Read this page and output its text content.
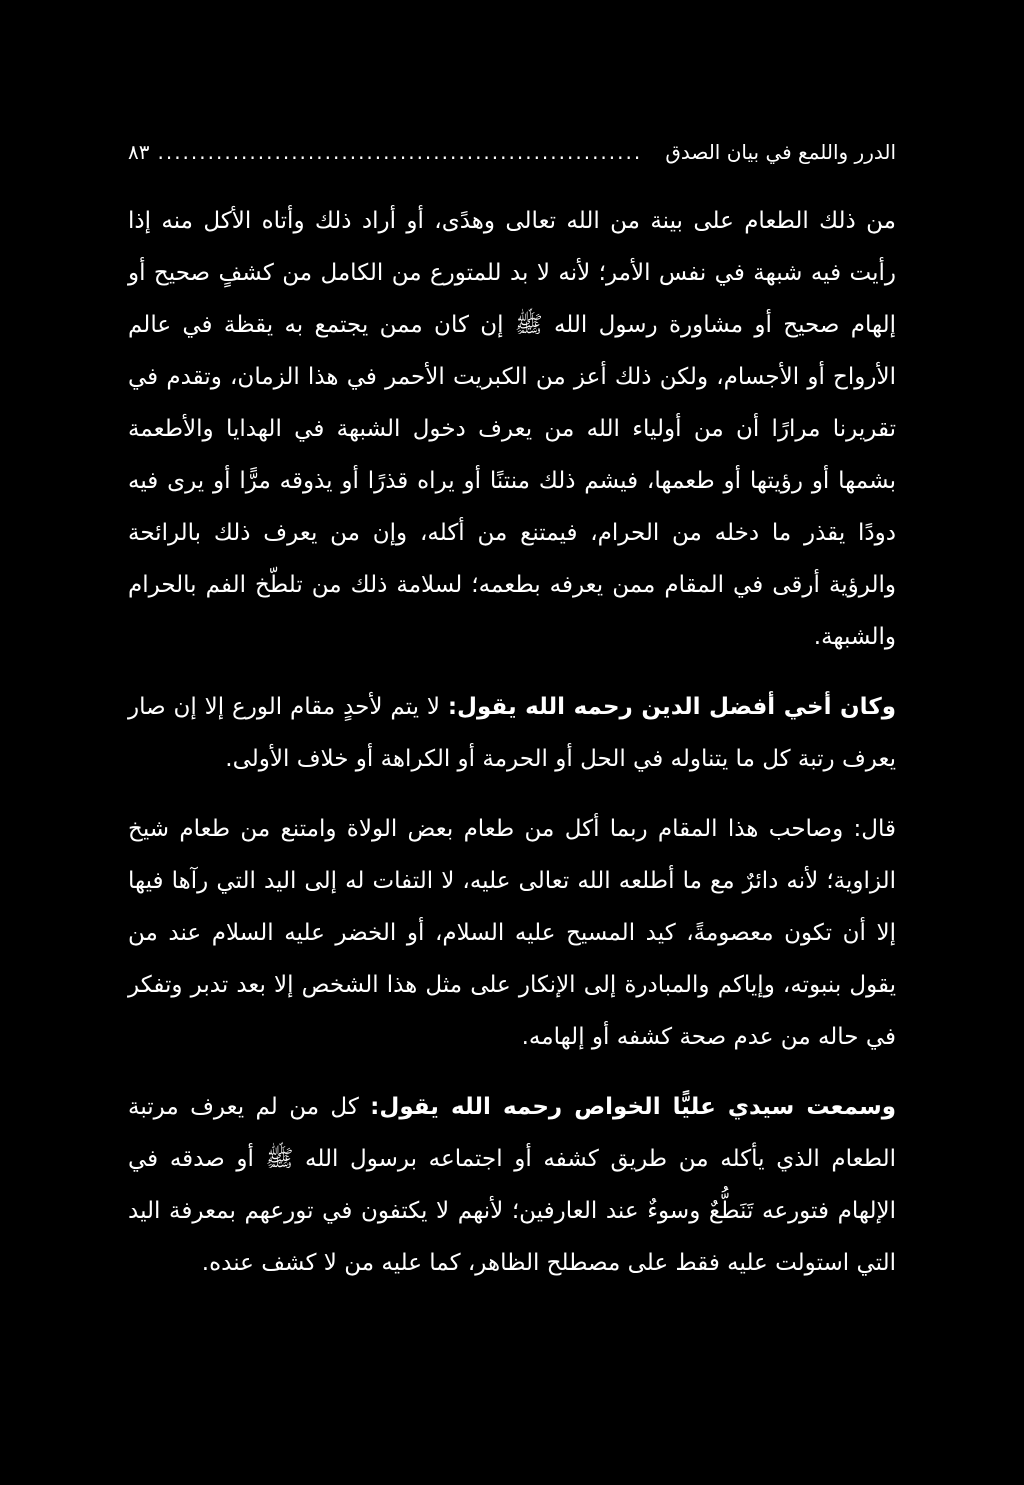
الدرر واللمع في بيان الصدق
..........................................................
٨٣

من ذلك الطعام على بينة من الله تعالى وهدًى، أو أراد ذلك وأتاه الأكل منه إذا رأيت فيه شبهة في نفس الأمر؛ لأنه لا بد للمتورع من الكامل من كشفٍ صحيح أو إلهام صحيح أو مشاورة رسول الله ﷺ إن كان ممن يجتمع به يقظة في عالم الأرواح أو الأجسام، ولكن ذلك أعز من الكبريت الأحمر في هذا الزمان، وتقدم في تقريرنا مرارًا أن من أولياء الله من يعرف دخول الشبهة في الهدايا والأطعمة بشمها أو رؤيتها أو طعمها، فيشم ذلك منتنًا أو يراه قذرًا أو يذوقه مرًّا أو يرى فيه دودًا يقذر ما دخله من الحرام، فيمتنع من أكله، وإن من يعرف ذلك بالرائحة والرؤية أرقى في المقام ممن يعرفه بطعمه؛ لسلامة ذلك من تلطّخ الفم بالحرام والشبهة.

وكان أخي أفضل الدين رحمه الله يقول: لا يتم لأحدٍ مقام الورع إلا إن صار يعرف رتبة كل ما يتناوله في الحل أو الحرمة أو الكراهة أو خلاف الأولى.

قال: وصاحب هذا المقام ربما أكل من طعام بعض الولاة وامتنع من طعام شيخ الزاوية؛ لأنه دائرٌ مع ما أطلعه الله تعالى عليه، لا التفات له إلى اليد التي رآها فيها إلا أن تكون معصومةً، كيد المسيح عليه السلام، أو الخضر عليه السلام عند من يقول بنبوته، وإياكم والمبادرة إلى الإنكار على مثل هذا الشخص إلا بعد تدبر وتفكر في حاله من عدم صحة كشفه أو إلهامه.

وسمعت سيدي عليًّا الخواص رحمه الله يقول: كل من لم يعرف مرتبة الطعام الذي يأكله من طريق كشفه أو اجتماعه برسول الله ﷺ أو صدقه في الإلهام فتورعه تَنَطُّعٌ وسوءٌ عند العارفين؛ لأنهم لا يكتفون في تورعهم بمعرفة اليد التي استولت عليه فقط على مصطلح الظاهر، كما عليه من لا كشف عنده.
